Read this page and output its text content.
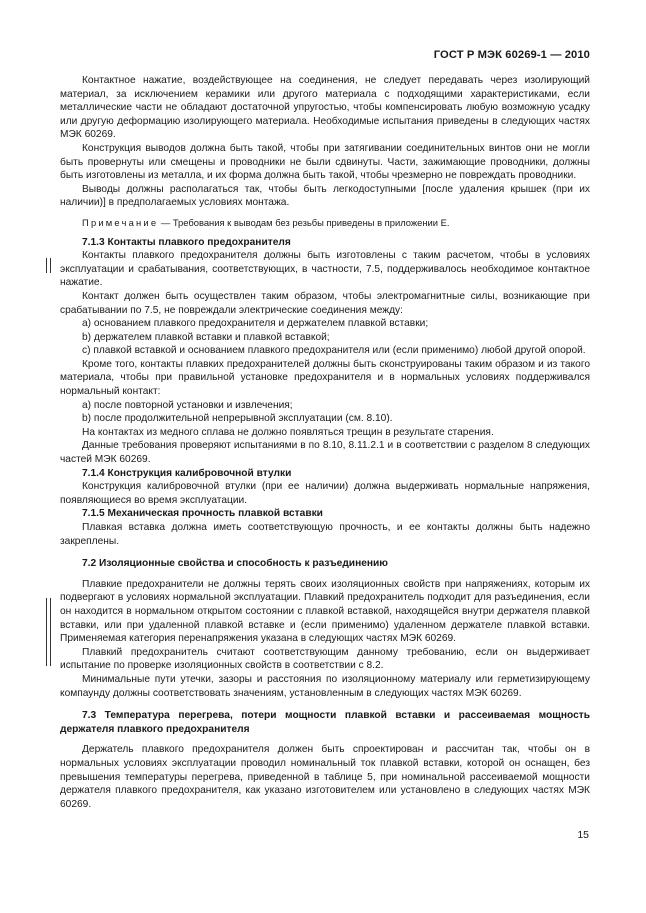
ГОСТ Р МЭК 60269-1 — 2010

Контактное нажатие, воздействующее на соединения, не следует передавать через изолирующий материал, за исключением керамики или другого материала с подходящими характеристиками, если металлические части не обладают достаточной упругостью, чтобы компенсировать любую возможную усадку или другую деформацию изолирующего материала. Необходимые испытания приведены в следующих частях МЭК 60269.

Конструкция выводов должна быть такой, чтобы при затягивании соединительных винтов они не могли быть провернуты или смещены и проводники не были сдвинуты. Части, зажимающие проводники, должны быть изготовлены из металла, и их форма должна быть такой, чтобы чрезмерно не повреждать проводники.

Выводы должны располагаться так, чтобы быть легкодоступными [после удаления крышек (при их наличии)] в предполагаемых условиях монтажа.

Примечание — Требования к выводам без резьбы приведены в приложении Е.

7.1.3 Контакты плавкого предохранителя

Контакты плавкого предохранителя должны быть изготовлены с таким расчетом, чтобы в условиях эксплуатации и срабатывания, соответствующих, в частности, 7.5, поддерживалось необходимое контактное нажатие.

Контакт должен быть осуществлен таким образом, чтобы электромагнитные силы, возникающие при срабатывании по 7.5, не повреждали электрические соединения между:

a) основанием плавкого предохранителя и держателем плавкой вставки;

b) держателем плавкой вставки и плавкой вставкой;

c) плавкой вставкой и основанием плавкого предохранителя или (если применимо) любой другой опорой.

Кроме того, контакты плавких предохранителей должны быть сконструированы таким образом и из такого материала, чтобы при правильной установке предохранителя и в нормальных условиях поддерживался нормальный контакт:

a) после повторной установки и извлечения;

b) после продолжительной непрерывной эксплуатации (см. 8.10).

На контактах из медного сплава не должно появляться трещин в результате старения.

Данные требования проверяют испытаниями в по 8.10, 8.11.2.1 и в соответствии с разделом 8 следующих частей МЭК 60269.

7.1.4 Конструкция калибровочной втулки

Конструкция калибровочной втулки (при ее наличии) должна выдерживать нормальные напряжения, появляющиеся во время эксплуатации.

7.1.5 Механическая прочность плавкой вставки

Плавкая вставка должна иметь соответствующую прочность, и ее контакты должны быть надежно закреплены.

7.2 Изоляционные свойства и способность к разъединению

Плавкие предохранители не должны терять своих изоляционных свойств при напряжениях, которым их подвергают в условиях нормальной эксплуатации. Плавкий предохранитель подходит для разъединения, если он находится в нормальном открытом состоянии с плавкой вставкой, находящейся внутри держателя плавкой вставки, или при удаленной плавкой вставке и (если применимо) удаленном держателе плавкой вставки. Применяемая категория перенапряжения указана в следующих частях МЭК 60269.

Плавкий предохранитель считают соответствующим данному требованию, если он выдерживает испытание по проверке изоляционных свойств в соответствии с 8.2.

Минимальные пути утечки, зазоры и расстояния по изоляционному материалу или герметизирующему компаунду должны соответствовать значениям, установленным в следующих частях МЭК 60269.

7.3 Температура перегрева, потери мощности плавкой вставки и рассеиваемая мощность держателя плавкого предохранителя

Держатель плавкого предохранителя должен быть спроектирован и рассчитан так, чтобы он в нормальных условиях эксплуатации проводил номинальный ток плавкой вставки, которой он оснащен, без превышения температуры перегрева, приведенной в таблице 5, при номинальной рассеиваемой мощности держателя плавкого предохранителя, как указано изготовителем или установлено в следующих частях МЭК 60269.

15
